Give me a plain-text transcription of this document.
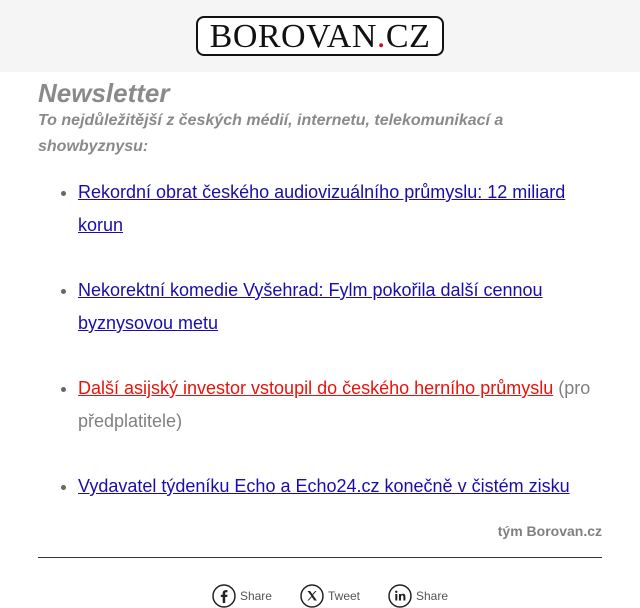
BOROVAN . CZ
Newsletter

To nejdůležitější z českých médií, internetu, telekomunikací a showbyznysu:

• Rekordní obrat českého audiovizuálního průmyslu: 12 miliard korun
• Nekorektní komedie Vyšehrad: Fylm pokořila další cennou byznysovou metu
• Další asijský investor vstoupil do českého herního průmyslu (pro předplatitele)
• Vydavatel týdeníku Echo a Echo24.cz konečně v čistém zisku
tým Borovan.cz
Share	Tweet	Share
